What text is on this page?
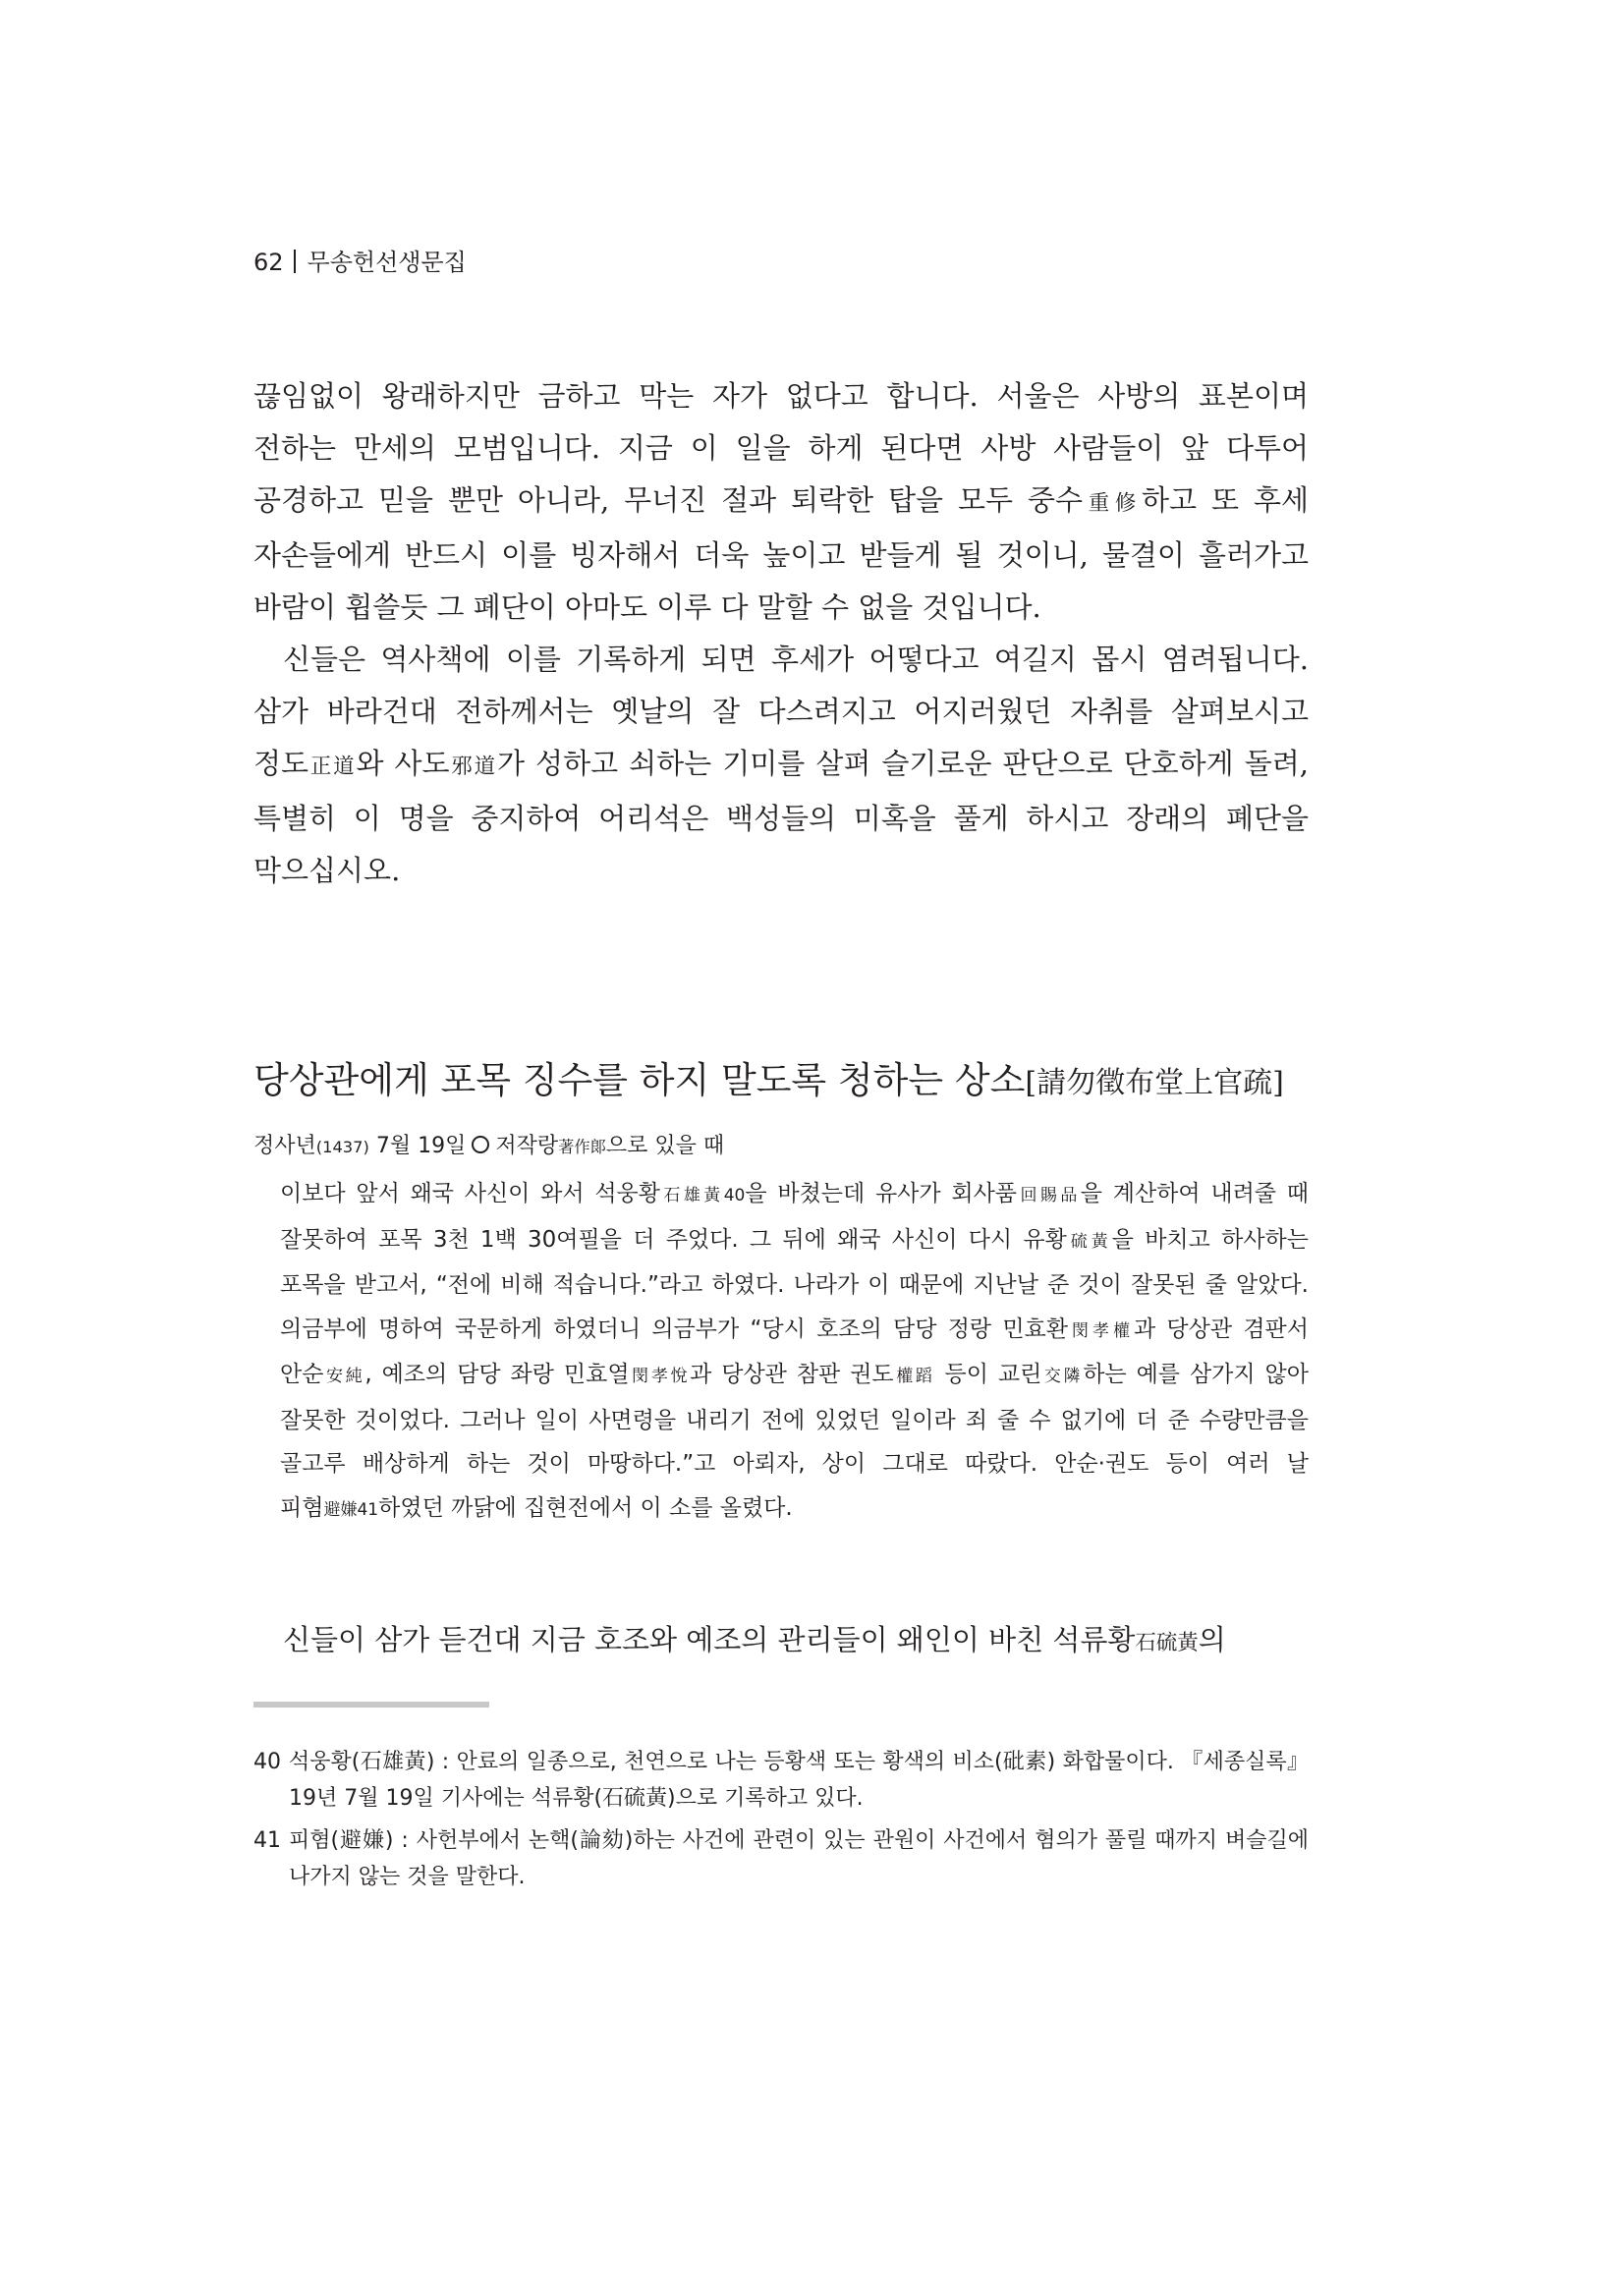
62 무송헌선생문집

끊임없이 왕래하지만 금하고 막는 자가 없다고 합니다. 서울은 사방의 표본이며 전하는 만세의 모범입니다. 지금 이 일을 하게 된다면 사방 사람들이 앞 다투어 공경하고 믿을 뿐만 아니라, 무너진 절과 퇴락한 탑을 모두 중수重修하고 또 후세 자손들에게 반드시 이를 빙자해서 더욱 높이고 받들게 될 것이니, 물결이 흘러가고 바람이 휩쓸듯 그 폐단이 아마도 이루 다 말할 수 없을 것입니다.

신들은 역사책에 이를 기록하게 되면 후세가 어떻다고 여길지 몹시 염려됩니다. 삼가 바라건대 전하께서는 옛날의 잘 다스려지고 어지러웠던 자취를 살펴보시고 정도正道와 사도邪道가 성하고 쇠하는 기미를 살펴 슬기로운 판단으로 단호하게 돌려, 특별히 이 명을 중지하여 어리석은 백성들의 미혹을 풀게 하시고 장래의 폐단을 막으십시오.

당상관에게 포목 징수를 하지 말도록 청하는 상소[請勿徵布堂上官疏]
정사년(1437) 7월 19일 저작랑著作郞으로 있을 때

이보다 앞서 왜국 사신이 와서 석웅황石雄黃40을 바쳤는데 유사가 회사품回賜品을 계산하여 내려줄 때 잘못하여 포목 3천 1백 30여필을 더 주었다. 그 뒤에 왜국 사신이 다시 유황硫黃을 바치고 하사하는 포목을 받고서, “전에 비해 적습니다.”라고 하였다. 나라가 이 때문에 지난날 준 것이 잘못된 줄 알았다. 의금부에 명하여 국문하게 하였더니 의금부가 “당시 호조의 담당 정랑 민효환閔孝權과 당상관 겸판서 안순安純, 예조의 담당 좌랑 민효열閔孝悅과 당상관 참판 권도權蹈 등이 교린交隣하는 예를 삼가지 않아 잘못한 것이었다. 그러나 일이 사면령을 내리기 전에 있었던 일이라 죄 줄 수 없기에 더 준 수량만큼을 골고루 배상하게 하는 것이 마땅하다.”고 아뢰자, 상이 그대로 따랐다. 안순·권도 등이 여러 날 피혐避嫌41하였던 까닭에 집현전에서 이 소를 올렸다.

신들이 삼가 듣건대 지금 호조와 예조의 관리들이 왜인이 바친 석류황石硫黃의

40 석웅황(石雄黃) : 안료의 일종으로, 천연으로 나는 등황색 또는 황색의 비소(砒素) 화합물이다. 『세종실록』 19년 7월 19일 기사에는 석류황(石硫黃)으로 기록하고 있다.
41 피혐(避嫌) : 사헌부에서 논핵(論劾)하는 사건에 관련이 있는 관원이 사건에서 혐의가 풀릴 때까지 벼슬길에 나가지 않는 것을 말한다.
